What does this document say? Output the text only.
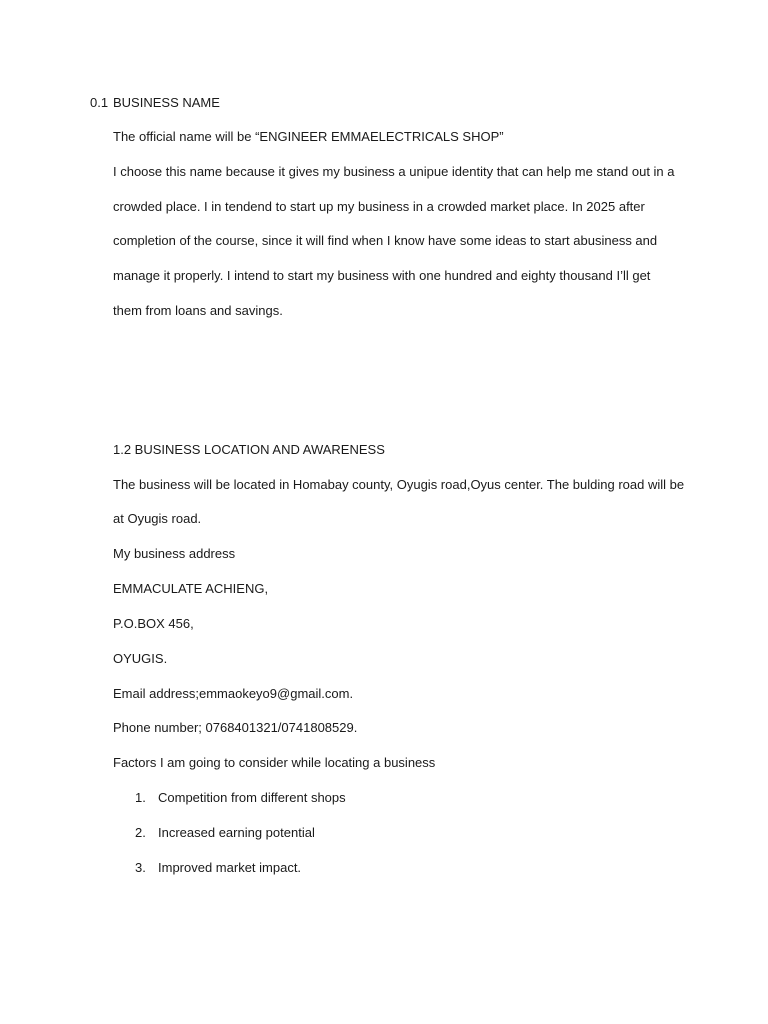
0.1 BUSINESS NAME
The official name will be “ENGINEER EMMAELECTRICALS SHOP”
I choose this name because it gives my business a unipue identity that can help me stand out in a
crowded place. I in tendend to start up my business in a crowded market place. In 2025 after
completion of the course, since it will find when I know have some ideas to start abusiness and
manage it properly. I intend to start my business with one hundred and eighty thousand I’ll get
them from loans and savings.
1.2 BUSINESS LOCATION AND AWARENESS
The business will be located in Homabay county, Oyugis road,Oyus center. The bulding road will be
at Oyugis road.
My business address
EMMACULATE ACHIENG,
P.O.BOX 456,
OYUGIS.
Email address;emmaokeyo9@gmail.com.
Phone number; 0768401321/0741808529.
Factors I am going to consider while locating a business
1. Competition from different shops
2. Increased earning potential
3. Improved market impact.
